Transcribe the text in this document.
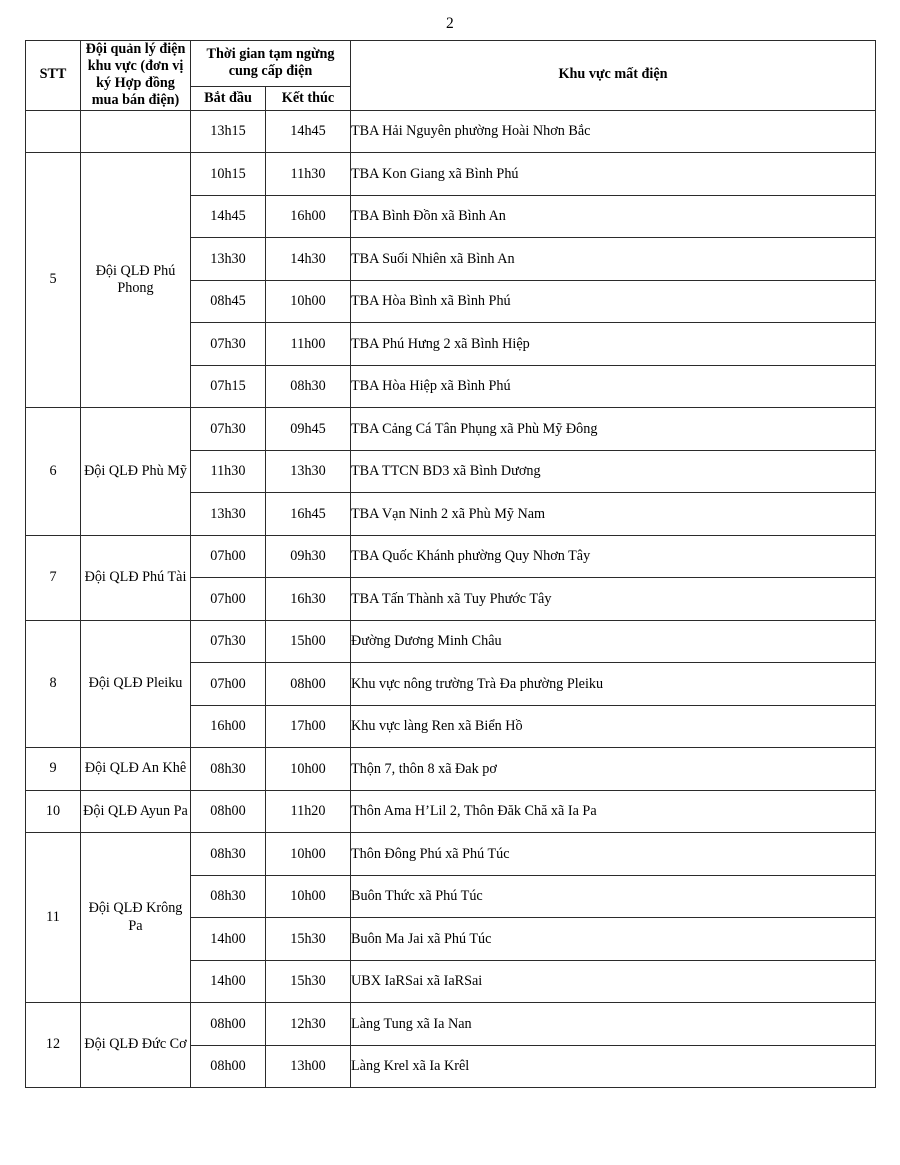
2
STT	Đội quản lý điện khu vực (đơn vị ký Hợp đồng mua bán điện)	Thời gian tạm ngừng cung cấp điện		Khu vực mất điện
		Bắt đầu	Kết thúc	
		13h15	14h45	TBA Hải Nguyên phường Hoài Nhơn Bắc
5	Đội QLĐ Phú Phong	10h15	11h30	TBA Kon Giang xã Bình Phú
		14h45	16h00	TBA Bình Đồn xã Bình An
		13h30	14h30	TBA Suối Nhiên xã Bình An
		08h45	10h00	TBA Hòa Bình xã Bình Phú
		07h30	11h00	TBA Phú Hưng 2 xã Bình Hiệp
		07h15	08h30	TBA Hòa Hiệp xã Bình Phú
6	Đội QLĐ Phù Mỹ	07h30	09h45	TBA Cảng Cá Tân Phụng xã Phù Mỹ Đông
		11h30	13h30	TBA TTCN BD3 xã Bình Dương
		13h30	16h45	TBA Vạn Ninh 2 xã Phù Mỹ Nam
7	Đội QLĐ Phú Tài	07h00	09h30	TBA Quốc Khánh phường Quy Nhơn Tây
		07h00	16h30	TBA Tấn Thành xã Tuy Phước Tây
8	Đội QLĐ Pleiku	07h30	15h00	Đường Dương Minh Châu
		07h00	08h00	Khu vực nông trường Trà Đa phường Pleiku
		16h00	17h00	Khu vực làng Ren xã Biển Hồ
9	Đội QLĐ An Khê	08h30	10h00	Thộn 7, thôn 8 xã Đak pơ
10	Đội QLĐ Ayun Pa	08h00	11h20	Thôn Ama H’Lil 2, Thôn Đăk Chă xã Ia Pa
11	Đội QLĐ Krông Pa	08h30	10h00	Thôn Đông Phú xã Phú Túc
		08h30	10h00	Buôn Thức xã Phú Túc
		14h00	15h30	Buôn Ma Jai xã Phú Túc
		14h00	15h30	UBX IaRSai xã IaRSai
12	Đội QLĐ Đức Cơ	08h00	12h30	Làng Tung xã Ia Nan
		08h00	13h00	Làng Krel xã Ia Krêl
